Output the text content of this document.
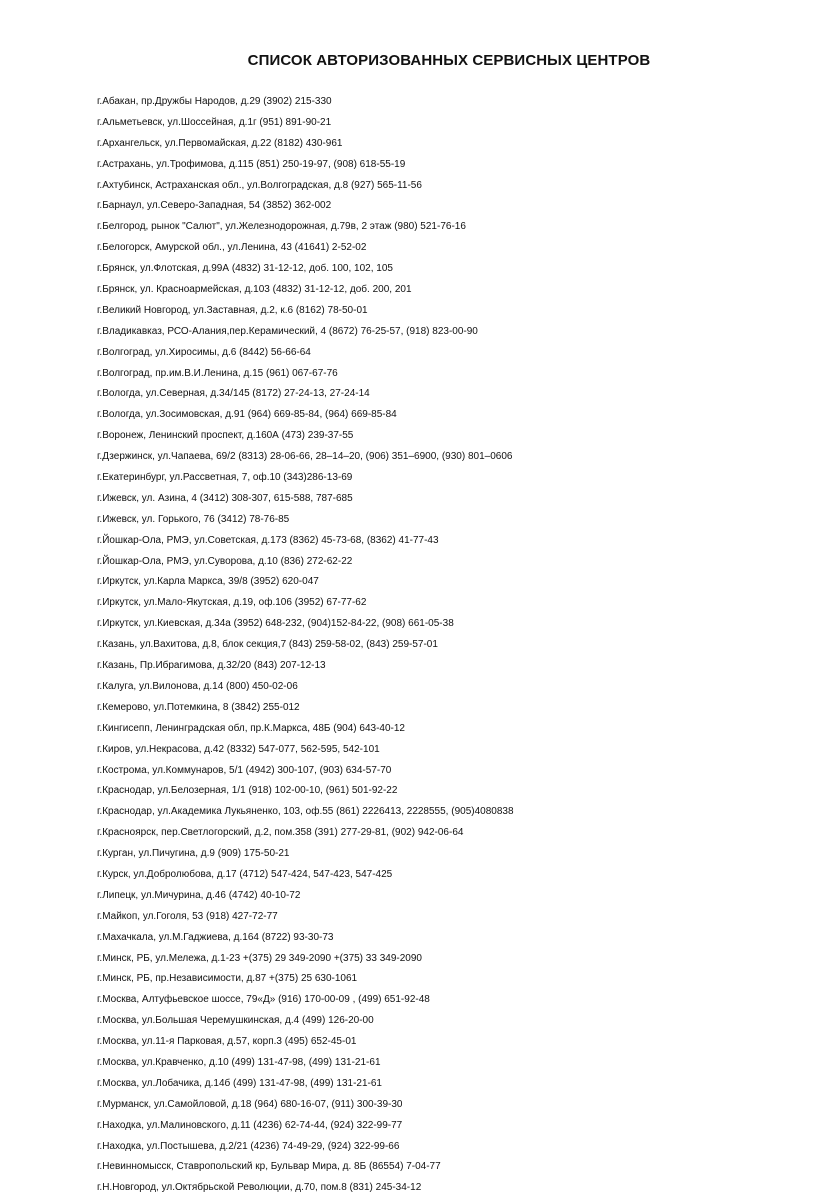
СПИСОК АВТОРИЗОВАННЫХ СЕРВИСНЫХ ЦЕНТРОВ
г.Абакан, пр.Дружбы Народов, д.29 (3902) 215-330
г.Альметьевск, ул.Шоссейная, д.1г (951) 891-90-21
г.Архангельск, ул.Первомайская, д.22 (8182) 430-961
г.Астрахань, ул.Трофимова, д.115 (851) 250-19-97, (908) 618-55-19
г.Ахтубинск, Астраханская обл., ул.Волгоградская, д.8 (927) 565-11-56
г.Барнаул, ул.Северо-Западная, 54 (3852) 362-002
г.Белгород, рынок "Салют", ул.Железнодорожная, д.79в, 2 этаж (980) 521-76-16
г.Белогорск, Амурской обл., ул.Ленина, 43 (41641) 2-52-02
г.Брянск, ул.Флотская, д.99А (4832) 31-12-12, доб. 100, 102, 105
г.Брянск, ул. Красноармейская, д.103 (4832) 31-12-12, доб. 200, 201
г.Великий Новгород, ул.Заставная, д.2, к.6 (8162) 78-50-01
г.Владикавказ, РСО-Алания,пер.Керамический, 4 (8672) 76-25-57, (918) 823-00-90
г.Волгоград, ул.Хиросимы, д.6 (8442) 56-66-64
г.Волгоград, пр.им.В.И.Ленина, д.15 (961) 067-67-76
г.Вологда, ул.Северная, д.34/145 (8172) 27-24-13, 27-24-14
г.Вологда, ул.Зосимовская, д.91 (964) 669-85-84, (964) 669-85-84
г.Воронеж, Ленинский проспект, д.160А (473) 239-37-55
г.Дзержинск, ул.Чапаева, 69/2 (8313) 28-06-66, 28–14–20, (906) 351–6900, (930) 801–0606
г.Екатеринбург, ул.Рассветная, 7, оф.10 (343)286-13-69
г.Ижевск, ул. Азина, 4 (3412) 308-307, 615-588, 787-685
г.Ижевск, ул. Горького, 76 (3412) 78-76-85
г.Йошкар-Ола, РМЭ, ул.Советская, д.173 (8362) 45-73-68, (8362) 41-77-43
г.Йошкар-Ола, РМЭ, ул.Суворова, д.10 (836) 272-62-22
г.Иркутск, ул.Карла Маркса, 39/8 (3952) 620-047
г.Иркутск, ул.Мало-Якутская, д.19, оф.106 (3952) 67-77-62
г.Иркутск, ул.Киевская, д.34а (3952) 648-232, (904)152-84-22, (908) 661-05-38
г.Казань, ул.Вахитова, д.8, блок секция,7 (843) 259-58-02, (843) 259-57-01
г.Казань, Пр.Ибрагимова, д.32/20 (843) 207-12-13
г.Калуга, ул.Вилонова, д.14 (800) 450-02-06
г.Кемерово, ул.Потемкина, 8 (3842) 255-012
г.Кингисепп, Ленинградская обл, пр.К.Маркса, 48Б (904) 643-40-12
г.Киров, ул.Некрасова, д.42 (8332) 547-077, 562-595, 542-101
г.Кострома, ул.Коммунаров, 5/1 (4942) 300-107, (903) 634-57-70
г.Краснодар, ул.Белозерная, 1/1 (918) 102-00-10, (961) 501-92-22
г.Краснодар, ул.Академика Лукьяненко, 103, оф.55 (861) 2226413, 2228555, (905)4080838
г.Красноярск, пер.Светлогорский, д.2, пом.358 (391) 277-29-81, (902) 942-06-64
г.Курган, ул.Пичугина, д.9 (909) 175-50-21
г.Курск, ул.Добролюбова, д.17 (4712) 547-424, 547-423, 547-425
г.Липецк, ул.Мичурина, д.46 (4742) 40-10-72
г.Майкоп, ул.Гоголя, 53 (918) 427-72-77
г.Махачкала, ул.М.Гаджиева, д.164 (8722) 93-30-73
г.Минск, РБ, ул.Мележа, д.1-23 +(375) 29 349-2090 +(375) 33 349-2090
г.Минск, РБ, пр.Независимости, д.87 +(375) 25 630-1061
г.Москва, Алтуфьевское шоссе, 79«Д» (916) 170-00-09 , (499) 651-92-48
г.Москва, ул.Большая Черемушкинская, д.4 (499) 126-20-00
г.Москва, ул.11-я Парковая, д.57, корп.3 (495) 652-45-01
г.Москва, ул.Кравченко, д.10 (499) 131-47-98, (499) 131-21-61
г.Москва, ул.Лобачика, д.14б (499) 131-47-98, (499) 131-21-61
г.Мурманск, ул.Самойловой, д.18 (964) 680-16-07, (911) 300-39-30
г.Находка, ул.Малиновского, д.11 (4236) 62-74-44, (924) 322-99-77
г.Находка, ул.Постышева, д.2/21 (4236) 74-49-29, (924) 322-99-66
г.Невинномысск, Ставропольский кр, Бульвар Мира, д. 8Б (86554) 7-04-77
г.Н.Новгород, ул.Октябрьской Революции, д.70, пом.8 (831) 245-34-12
